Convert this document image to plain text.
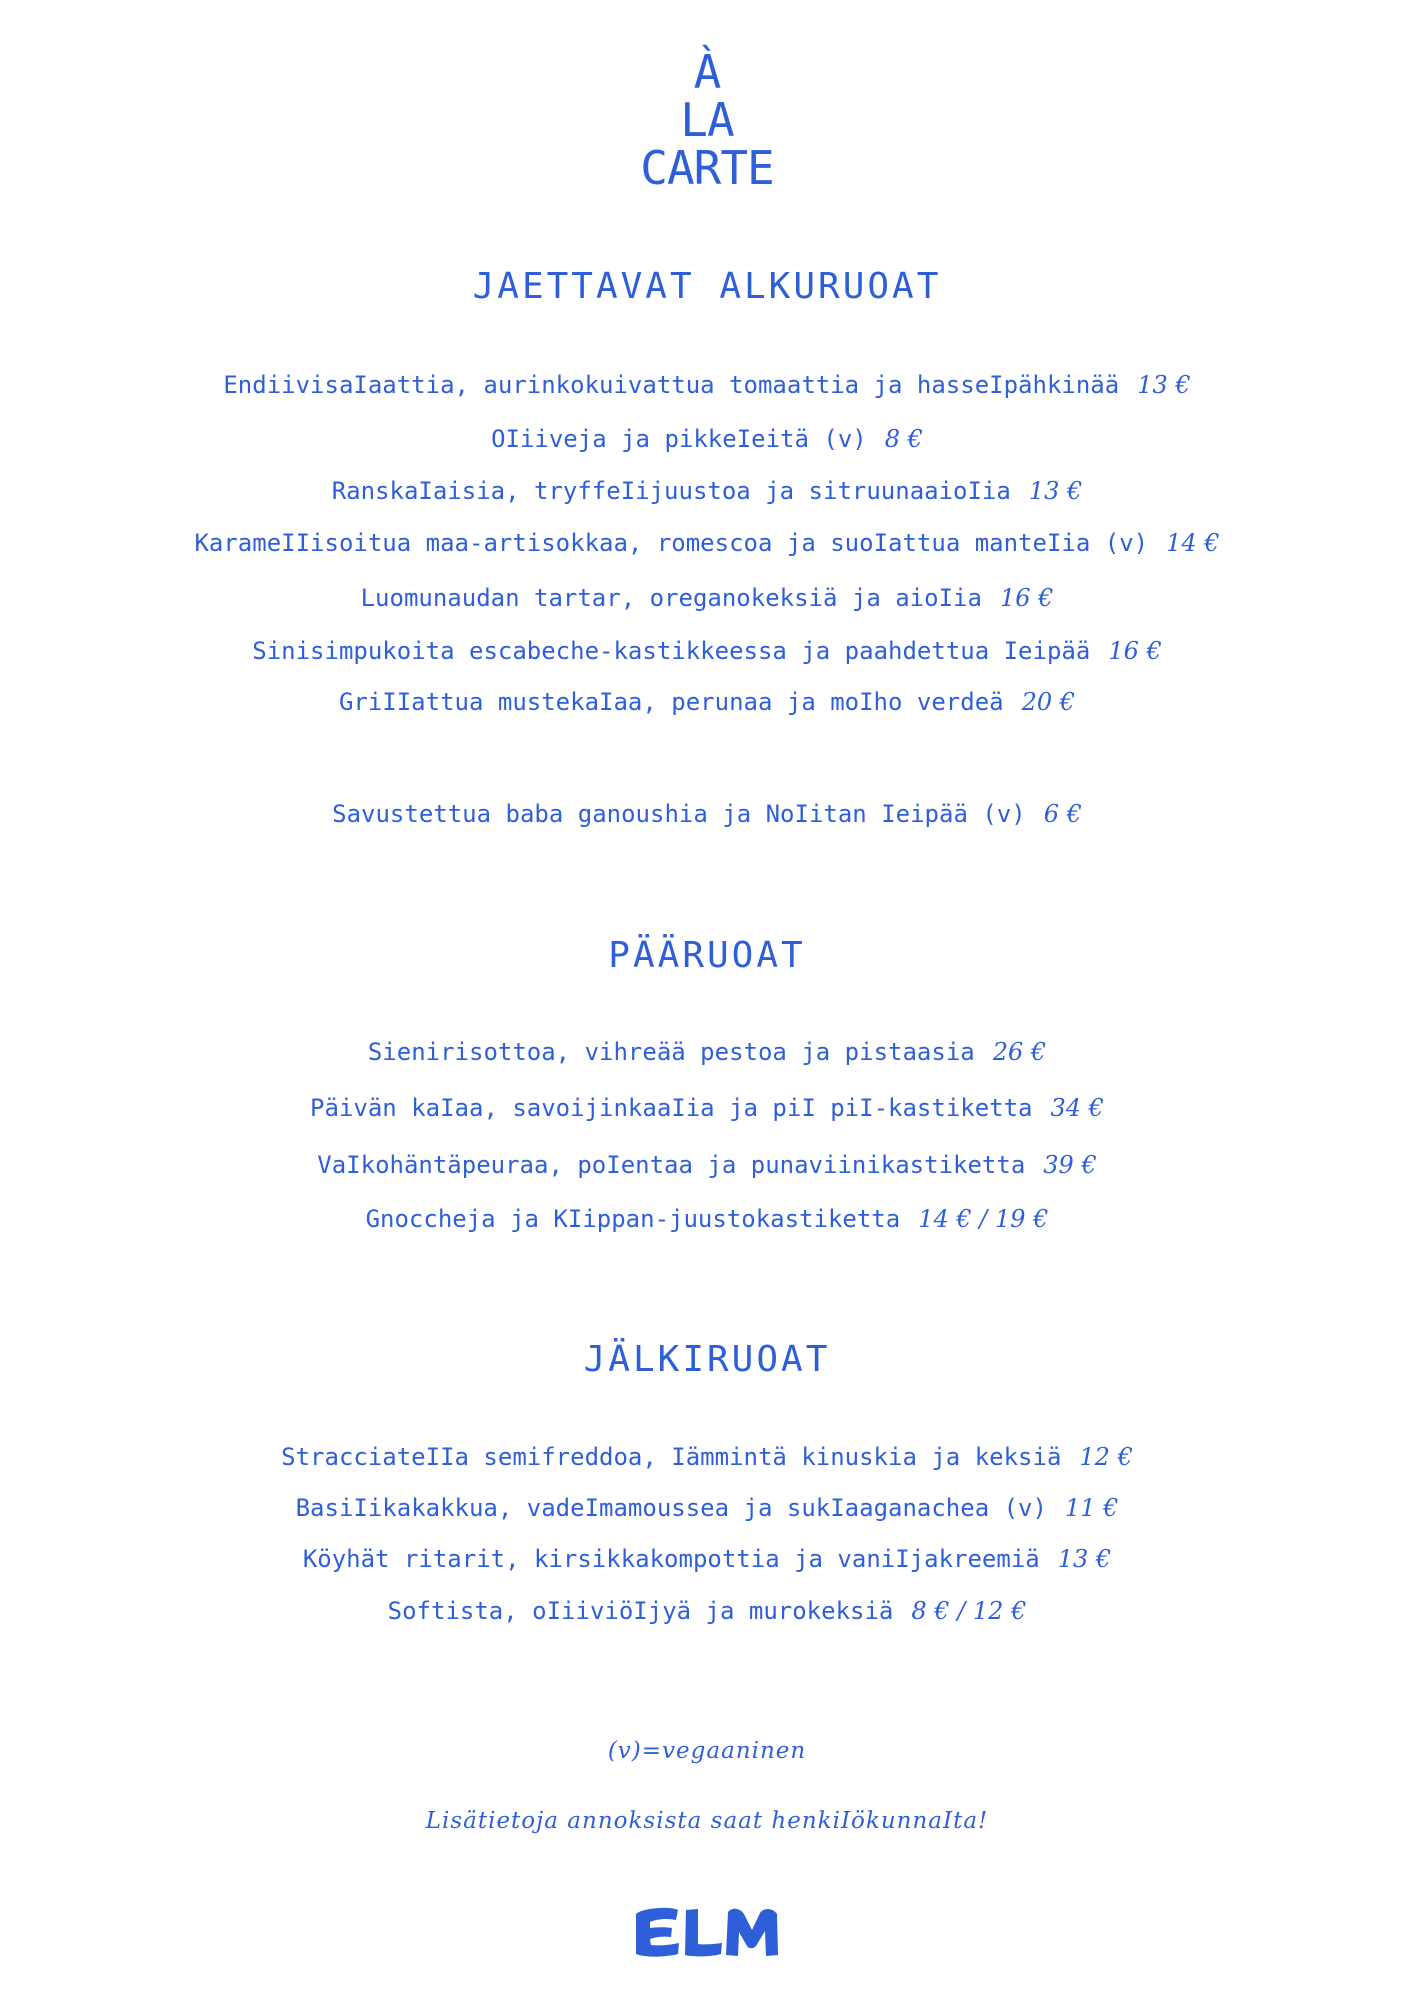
À
LA
CARTE
JAETTAVAT ALKURUOAT
EndiivisaIaattia, aurinkokuivattua tomaattia ja hasseIpähkinää 13 €
OIiiveja ja pikkeIeitä (v) 8 €
RanskaIaisia, tryffeIijuustoa ja sitruunaaioIia 13 €
KarameIIisoitua maa-artisokkaa, romescoa ja suoIattua manteIia (v) 14 €
Luomunaudan tartar, oreganokeksiä ja aioIia 16 €
Sinisimpukoita escabeche-kastikkeessa ja paahdettua Ieipää 16 €
GriIIattua mustekaIaa, perunaa ja moIho verdeä 20 €
Savustettua baba ganoushia ja NoIitan Ieipää (v) 6 €
PÄÄRUOAT
Sienirisottoa, vihreää pestoa ja pistaasia 26 €
Päivän kaIaa, savoijinkaaIia ja piI piI-kastiketta 34 €
VaIkohäntäpeuraa, poIentaa ja punaviinikastiketta 39 €
Gnoccheja ja KIippan-juustokastiketta 14 € / 19 €
JÄLKIRUOAT
StracciateIIa semifreddoa, Iämmintä kinuskia ja keksiä 12 €
BasiIikakakkua, vadeImamoussea ja sukIaaganachea (v) 11 €
Köyhät ritarit, kirsikkakompottia ja vaniIjakreemiä 13 €
Softista, oIiiviöIjyä ja murokeksiä 8 € / 12 €
(v)=vegaaninen
Lisätietoja annoksista saat henkiIökunnaIta!
